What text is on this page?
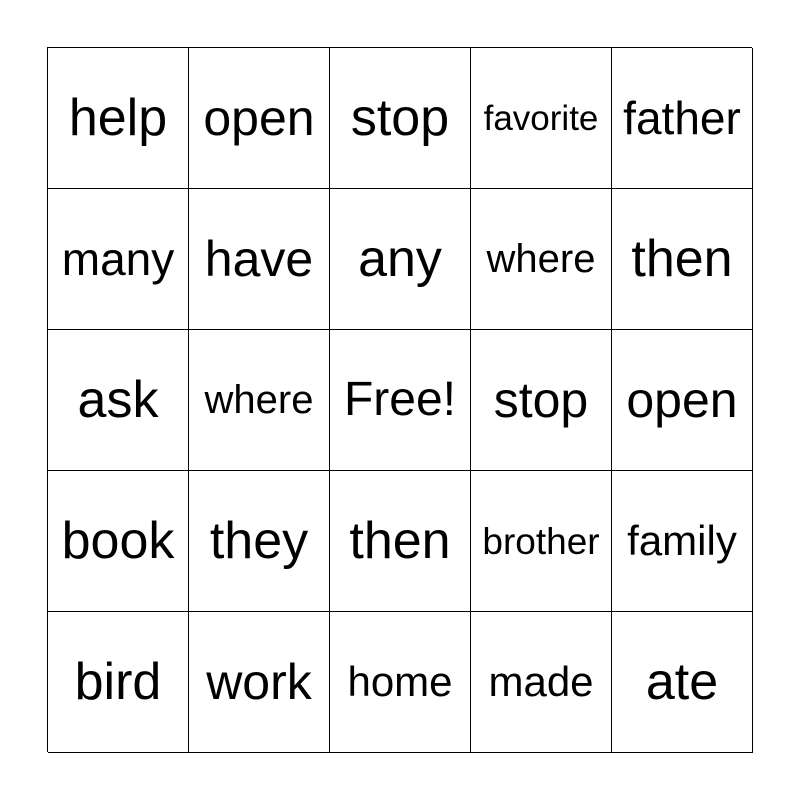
help open stop favorite father
many have any where then
ask where Free! stop open
book they then brother family
bird work home made ate
